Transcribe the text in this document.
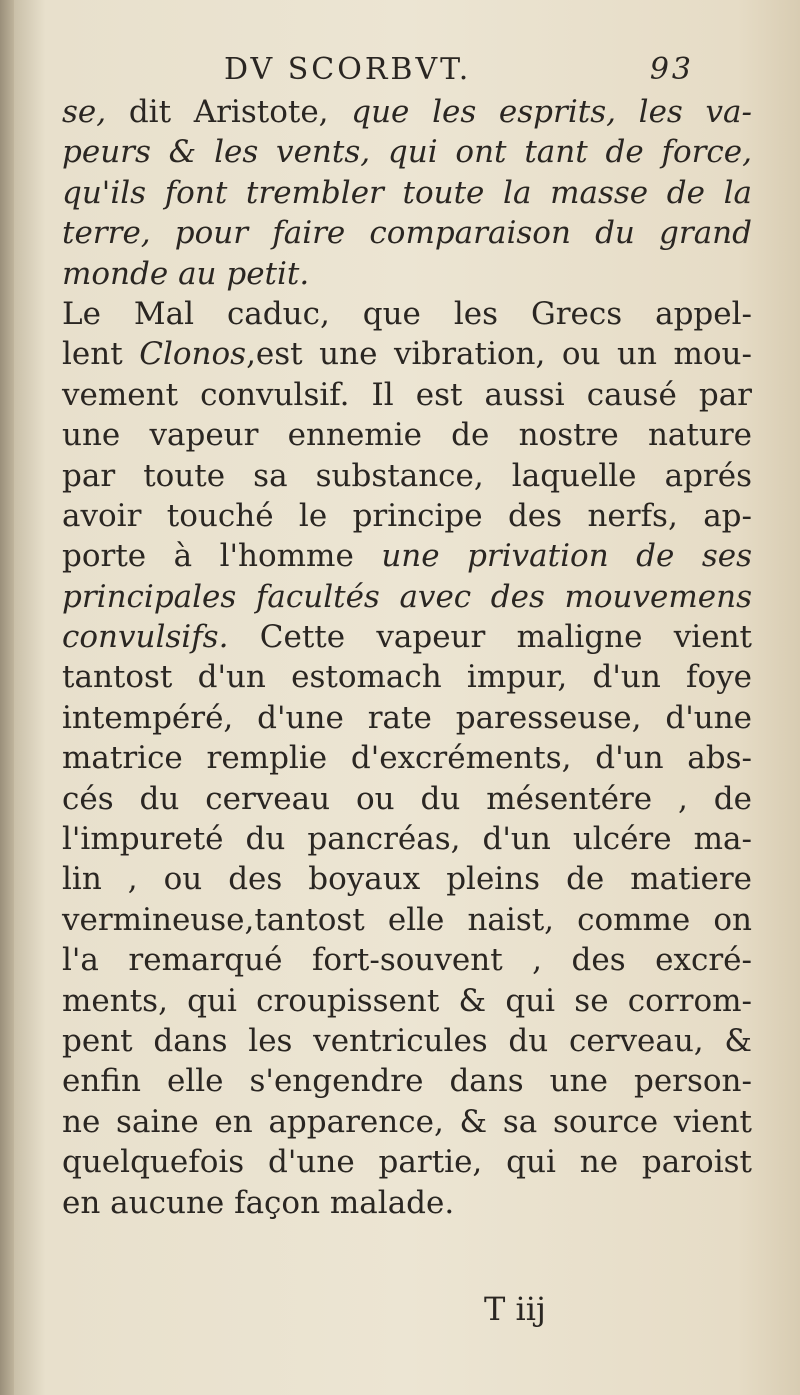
DV SCORBVT.	93
se, dit Aristote, que les esprits, les va-
peurs & les vents, qui ont tant de force,
qu'ils font trembler toute la masse de la
terre, pour faire comparaison du grand
monde au petit.
Le Mal caduc, que les Grecs appel-
lent Clonos,est une vibration, ou un mou-
vement convulsif. Il est aussi causé par
une vapeur ennemie de nostre nature
par toute sa substance, laquelle aprés
avoir touché le principe des nerfs, ap-
porte à l'homme une privation de ses
principales facultés avec des mouvemens
convulsifs. Cette vapeur maligne vient
tantost d'un estomach impur, d'un foye
intempéré, d'une rate paresseuse, d'une
matrice remplie d'excréments, d'un abs-
cés du cerveau ou du mésentére , de
l'impureté du pancréas, d'un ulcére ma-
lin , ou des boyaux pleins de matiere
vermineuse,tantost elle naist, comme on
l'a remarqué fort-souvent , des excré-
ments, qui croupissent & qui se corrom-
pent dans les ventricules du cerveau, &
enfin elle s'engendre dans une person-
ne saine en apparence, & sa source vient
quelquefois d'une partie, qui ne paroist
en aucune façon malade.
T iij
